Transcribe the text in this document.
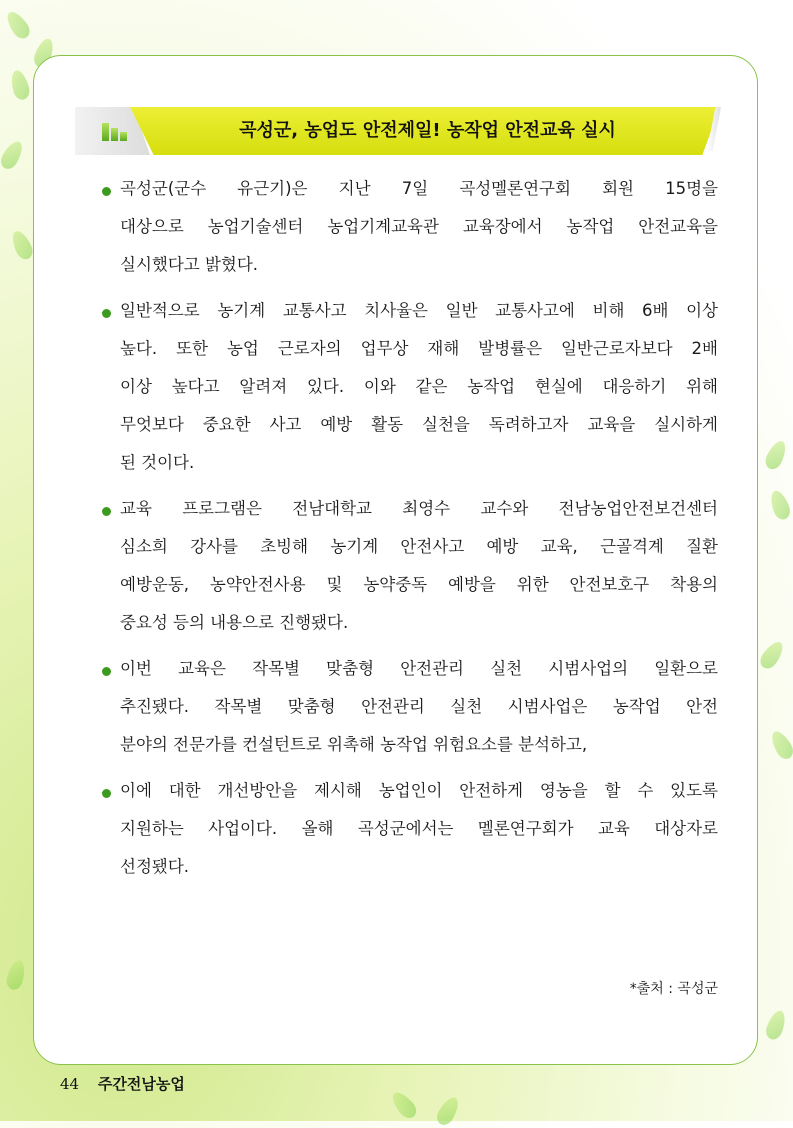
곡성군, 농업도 안전제일! 농작업 안전교육 실시
곡성군(군수 유근기)은 지난 7일 곡성멜론연구회 회원 15명을
대상으로 농업기술센터 농업기계교육관 교육장에서 농작업 안전교육을
실시했다고 밝혔다.
일반적으로 농기계 교통사고 치사율은 일반 교통사고에 비해 6배 이상
높다. 또한 농업 근로자의 업무상 재해 발병률은 일반근로자보다 2배
이상 높다고 알려져 있다. 이와 같은 농작업 현실에 대응하기 위해
무엇보다 중요한 사고 예방 활동 실천을 독려하고자 교육을 실시하게
된 것이다.
교육 프로그램은 전남대학교 최영수 교수와 전남농업안전보건센터
심소희 강사를 초빙해 농기계 안전사고 예방 교육, 근골격계 질환
예방운동, 농약안전사용 및 농약중독 예방을 위한 안전보호구 착용의
중요성 등의 내용으로 진행됐다.
이번 교육은 작목별 맞춤형 안전관리 실천 시범사업의 일환으로
추진됐다. 작목별 맞춤형 안전관리 실천 시범사업은 농작업 안전
분야의 전문가를 컨설턴트로 위촉해 농작업 위험요소를 분석하고,
이에 대한 개선방안을 제시해 농업인이 안전하게 영농을 할 수 있도록
지원하는 사업이다. 올해 곡성군에서는 멜론연구회가 교육 대상자로
선정됐다.
*출처 : 곡성군
44 주간전남농업
